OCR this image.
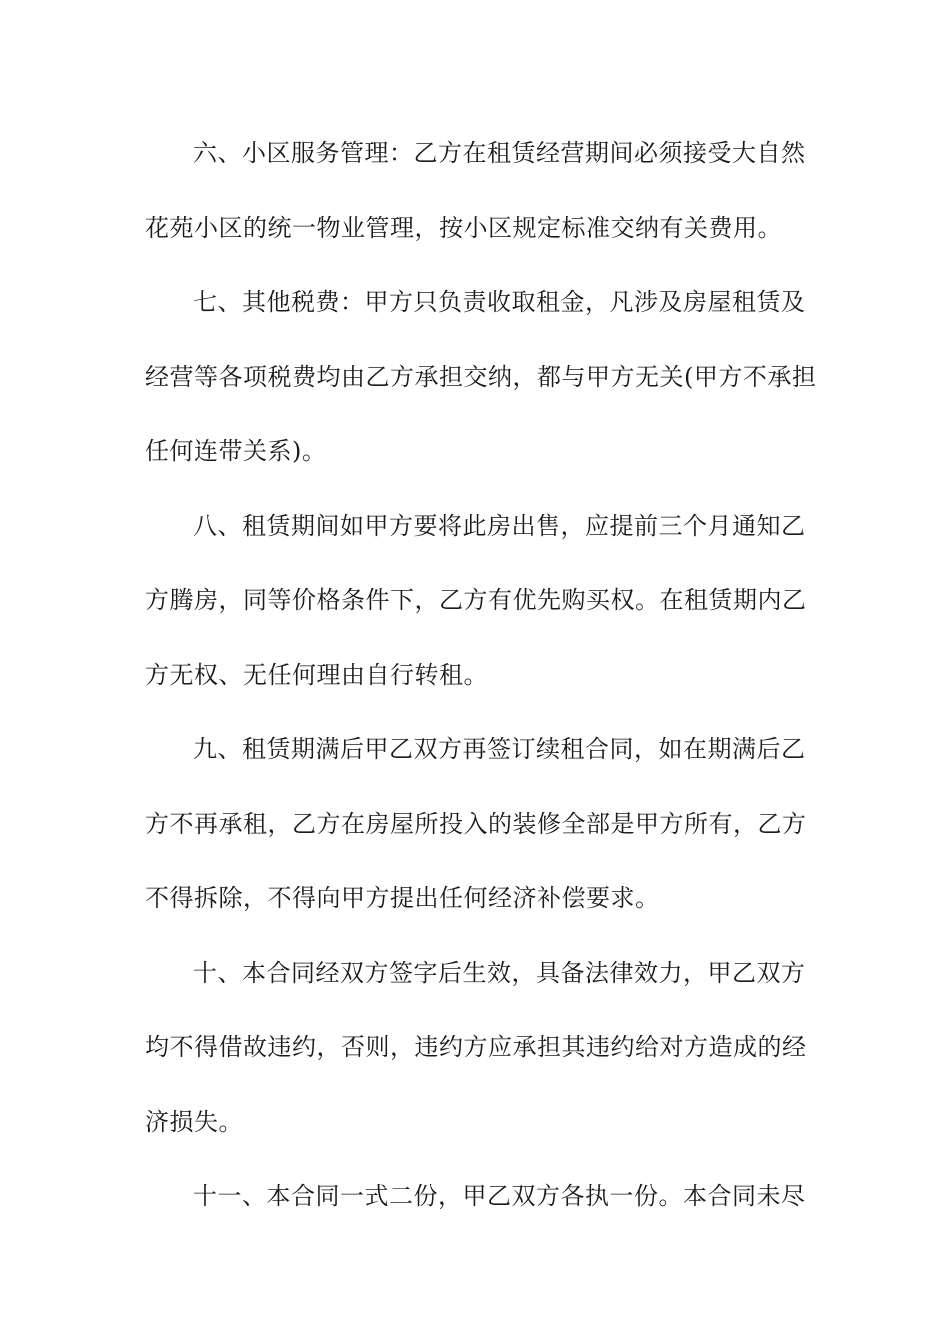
六、小区服务管理：乙方在租赁经营期间必须接受大自然
花苑小区的统一物业管理，按小区规定标准交纳有关费用。
七、其他税费：甲方只负责收取租金，凡涉及房屋租赁及
经营等各项税费均由乙方承担交纳，都与甲方无关(甲方不承担
任何连带关系)。
八、租赁期间如甲方要将此房出售，应提前三个月通知乙
方腾房，同等价格条件下，乙方有优先购买权。在租赁期内乙
方无权、无任何理由自行转租。
九、租赁期满后甲乙双方再签订续租合同，如在期满后乙
方不再承租，乙方在房屋所投入的装修全部是甲方所有，乙方
不得拆除，不得向甲方提出任何经济补偿要求。
十、本合同经双方签字后生效，具备法律效力，甲乙双方
均不得借故违约，否则，违约方应承担其违约给对方造成的经
济损失。
十一、本合同一式二份，甲乙双方各执一份。本合同未尽
